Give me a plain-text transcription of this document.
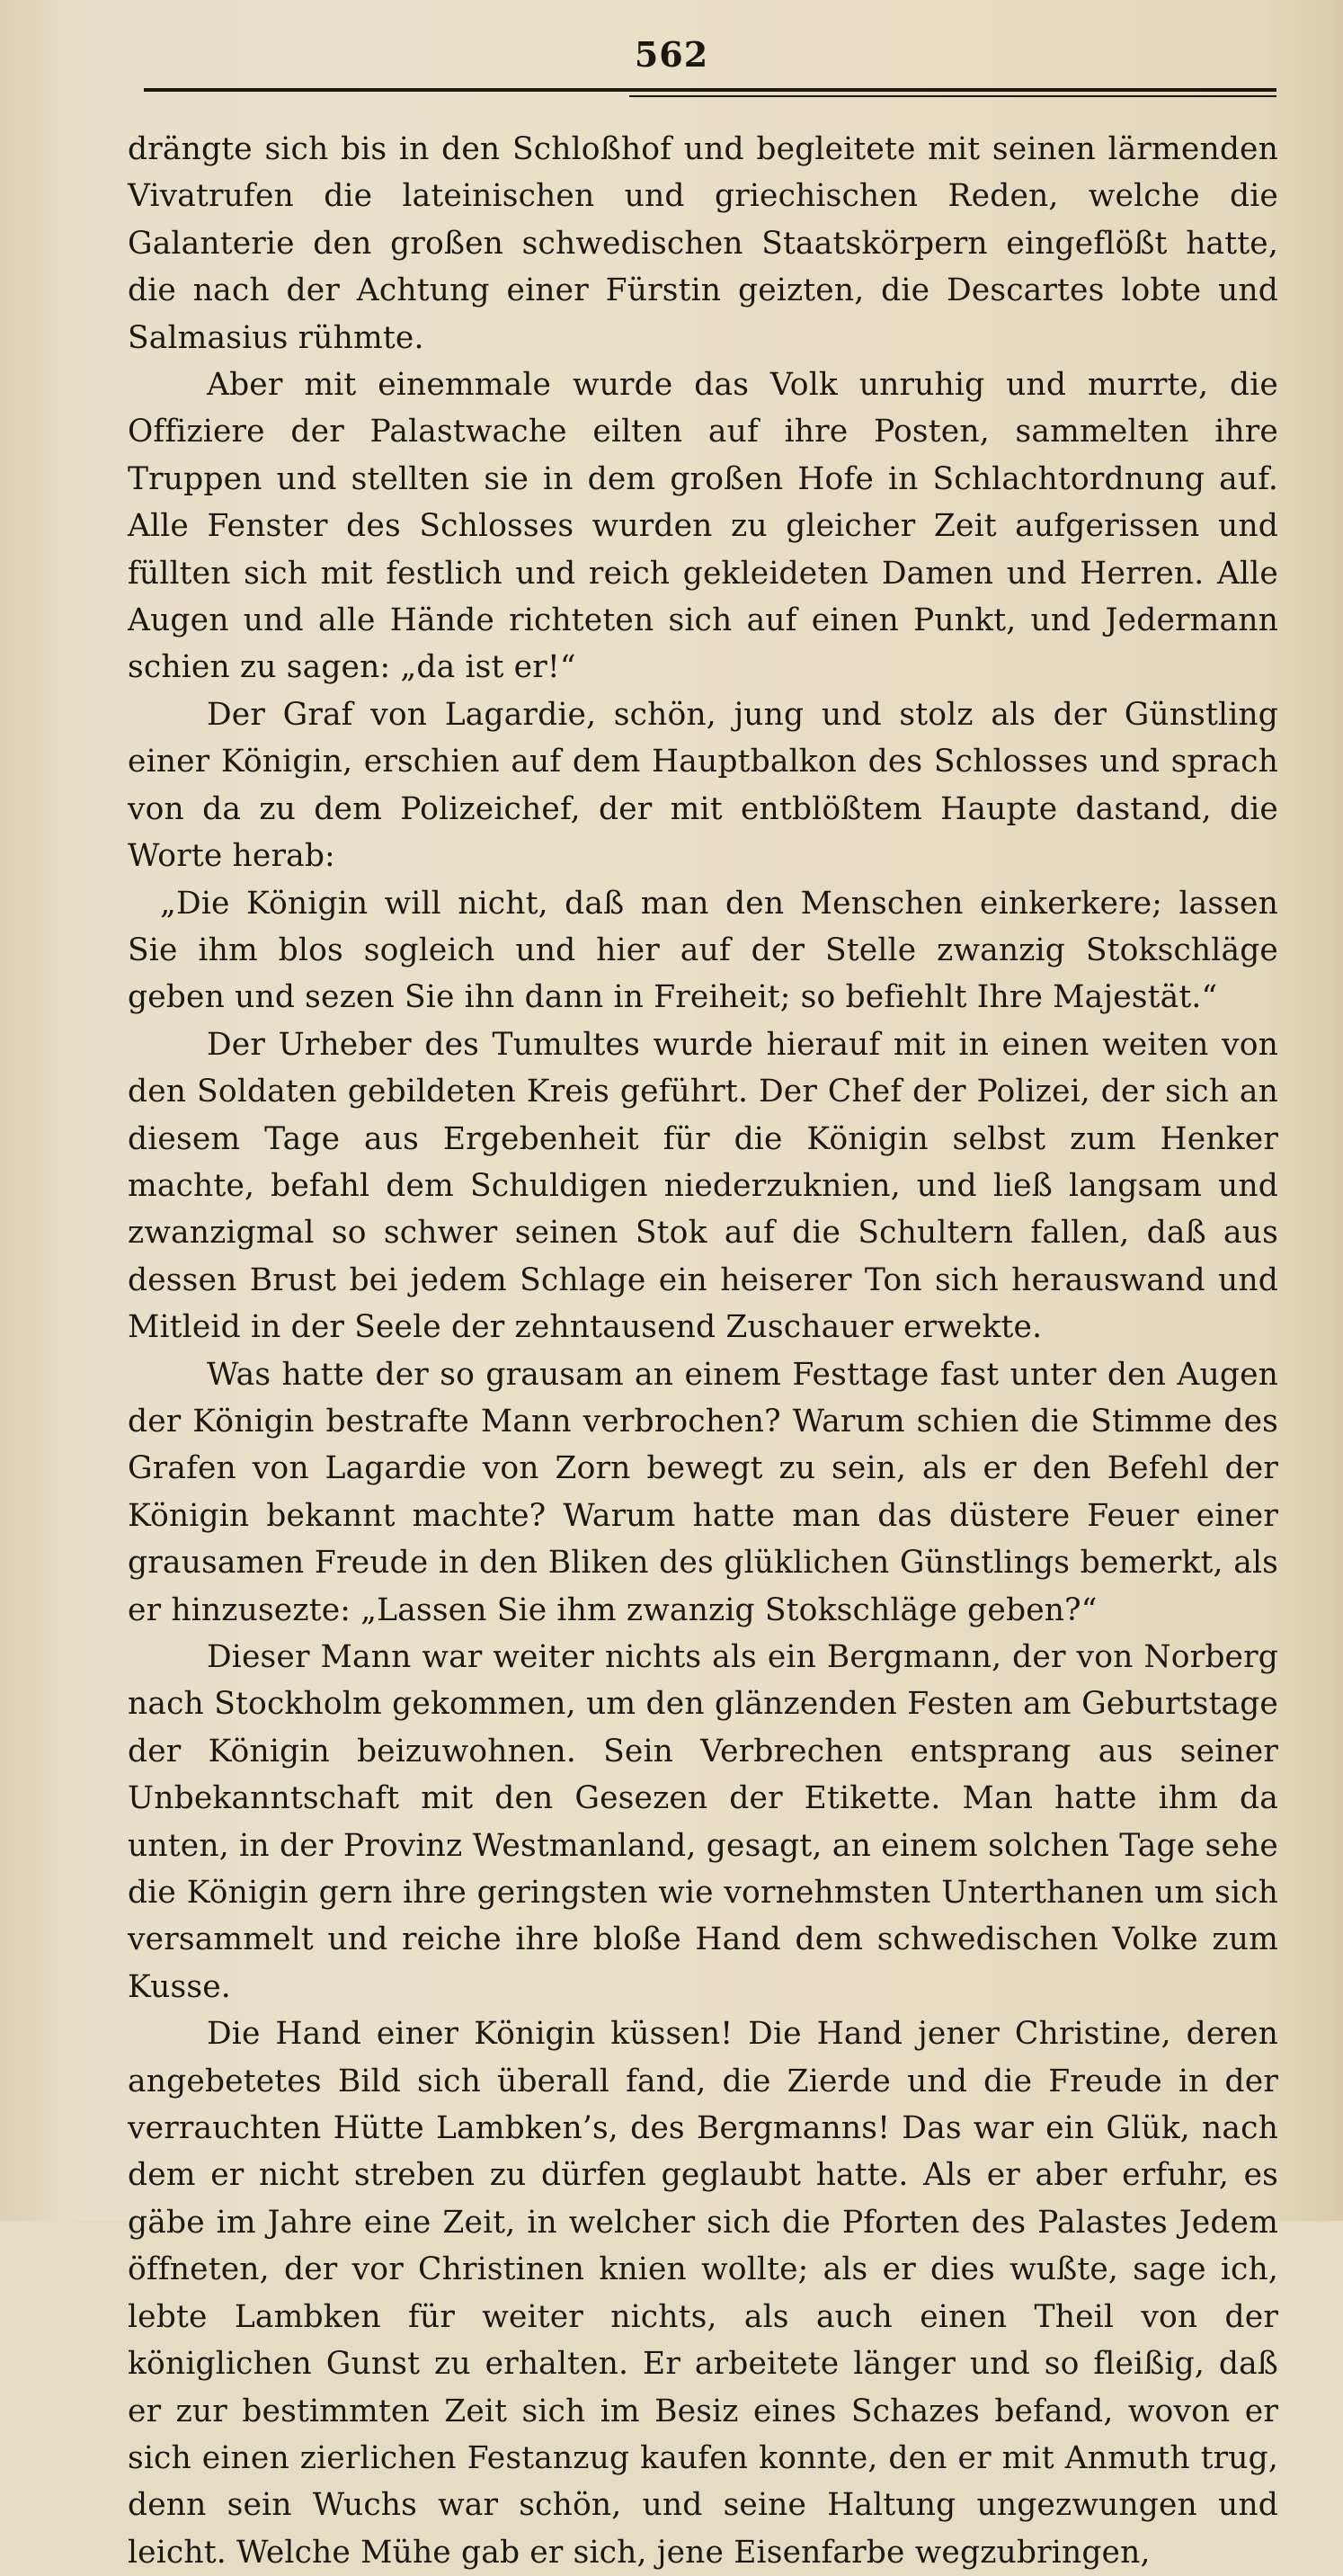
562

drängte sich bis in den Schloßhof und begleitete mit seinen lärmenden Vivatrufen die lateinischen und griechischen Reden, welche die Galanterie den großen schwedischen Staatskörpern eingeflößt hatte, die nach der Achtung einer Fürstin geizten, die Descartes lobte und Salmasius rühmte.

Aber mit einemmale wurde das Volk unruhig und murrte, die Offiziere der Palastwache eilten auf ihre Posten, sammelten ihre Truppen und stellten sie in dem großen Hofe in Schlachtordnung auf. Alle Fenster des Schlosses wurden zu gleicher Zeit aufgerissen und füllten sich mit festlich und reich gekleideten Damen und Herren. Alle Augen und alle Hände richteten sich auf einen Punkt, und Jedermann schien zu sagen: „da ist er!“

Der Graf von Lagardie, schön, jung und stolz als der Günstling einer Königin, erschien auf dem Hauptbalkon des Schlosses und sprach von da zu dem Polizeichef, der mit entblößtem Haupte dastand, die Worte herab:

„Die Königin will nicht, daß man den Menschen einkerkere; lassen Sie ihm blos sogleich und hier auf der Stelle zwanzig Stokschläge geben und sezen Sie ihn dann in Freiheit; so befiehlt Ihre Majestät.“

Der Urheber des Tumultes wurde hierauf mit in einen weiten von den Soldaten gebildeten Kreis geführt. Der Chef der Polizei, der sich an diesem Tage aus Ergebenheit für die Königin selbst zum Henker machte, befahl dem Schuldigen niederzuknien, und ließ langsam und zwanzigmal so schwer seinen Stok auf die Schultern fallen, daß aus dessen Brust bei jedem Schlage ein heiserer Ton sich herauswand und Mitleid in der Seele der zehntausend Zuschauer erwekte.

Was hatte der so grausam an einem Festtage fast unter den Augen der Königin bestrafte Mann verbrochen? Warum schien die Stimme des Grafen von Lagardie von Zorn bewegt zu sein, als er den Befehl der Königin bekannt machte? Warum hatte man das düstere Feuer einer grausamen Freude in den Bliken des glüklichen Günstlings bemerkt, als er hinzusezte: „Lassen Sie ihm zwanzig Stokschläge geben?“

Dieser Mann war weiter nichts als ein Bergmann, der von Norberg nach Stockholm gekommen, um den glänzenden Festen am Geburtstage der Königin beizuwohnen. Sein Verbrechen entsprang aus seiner Unbekanntschaft mit den Gesezen der Etikette. Man hatte ihm da unten, in der Provinz Westmanland, gesagt, an einem solchen Tage sehe die Königin gern ihre geringsten wie vornehmsten Unterthanen um sich versammelt und reiche ihre bloße Hand dem schwedischen Volke zum Kusse.

Die Hand einer Königin küssen! Die Hand jener Christine, deren angebetetes Bild sich überall fand, die Zierde und die Freude in der verrauchten Hütte Lambken’s, des Bergmanns! Das war ein Glük, nach dem er nicht streben zu dürfen geglaubt hatte. Als er aber erfuhr, es gäbe im Jahre eine Zeit, in welcher sich die Pforten des Palastes Jedem öffneten, der vor Christinen knien wollte; als er dies wußte, sage ich, lebte Lambken für weiter nichts, als auch einen Theil von der königlichen Gunst zu erhalten. Er arbeitete länger und so fleißig, daß er zur bestimmten Zeit sich im Besiz eines Schazes befand, wovon er sich einen zierlichen Festanzug kaufen konnte, den er mit Anmuth trug, denn sein Wuchs war schön, und seine Haltung ungezwungen und leicht. Welche Mühe gab er sich, jene Eisenfarbe wegzubringen,
